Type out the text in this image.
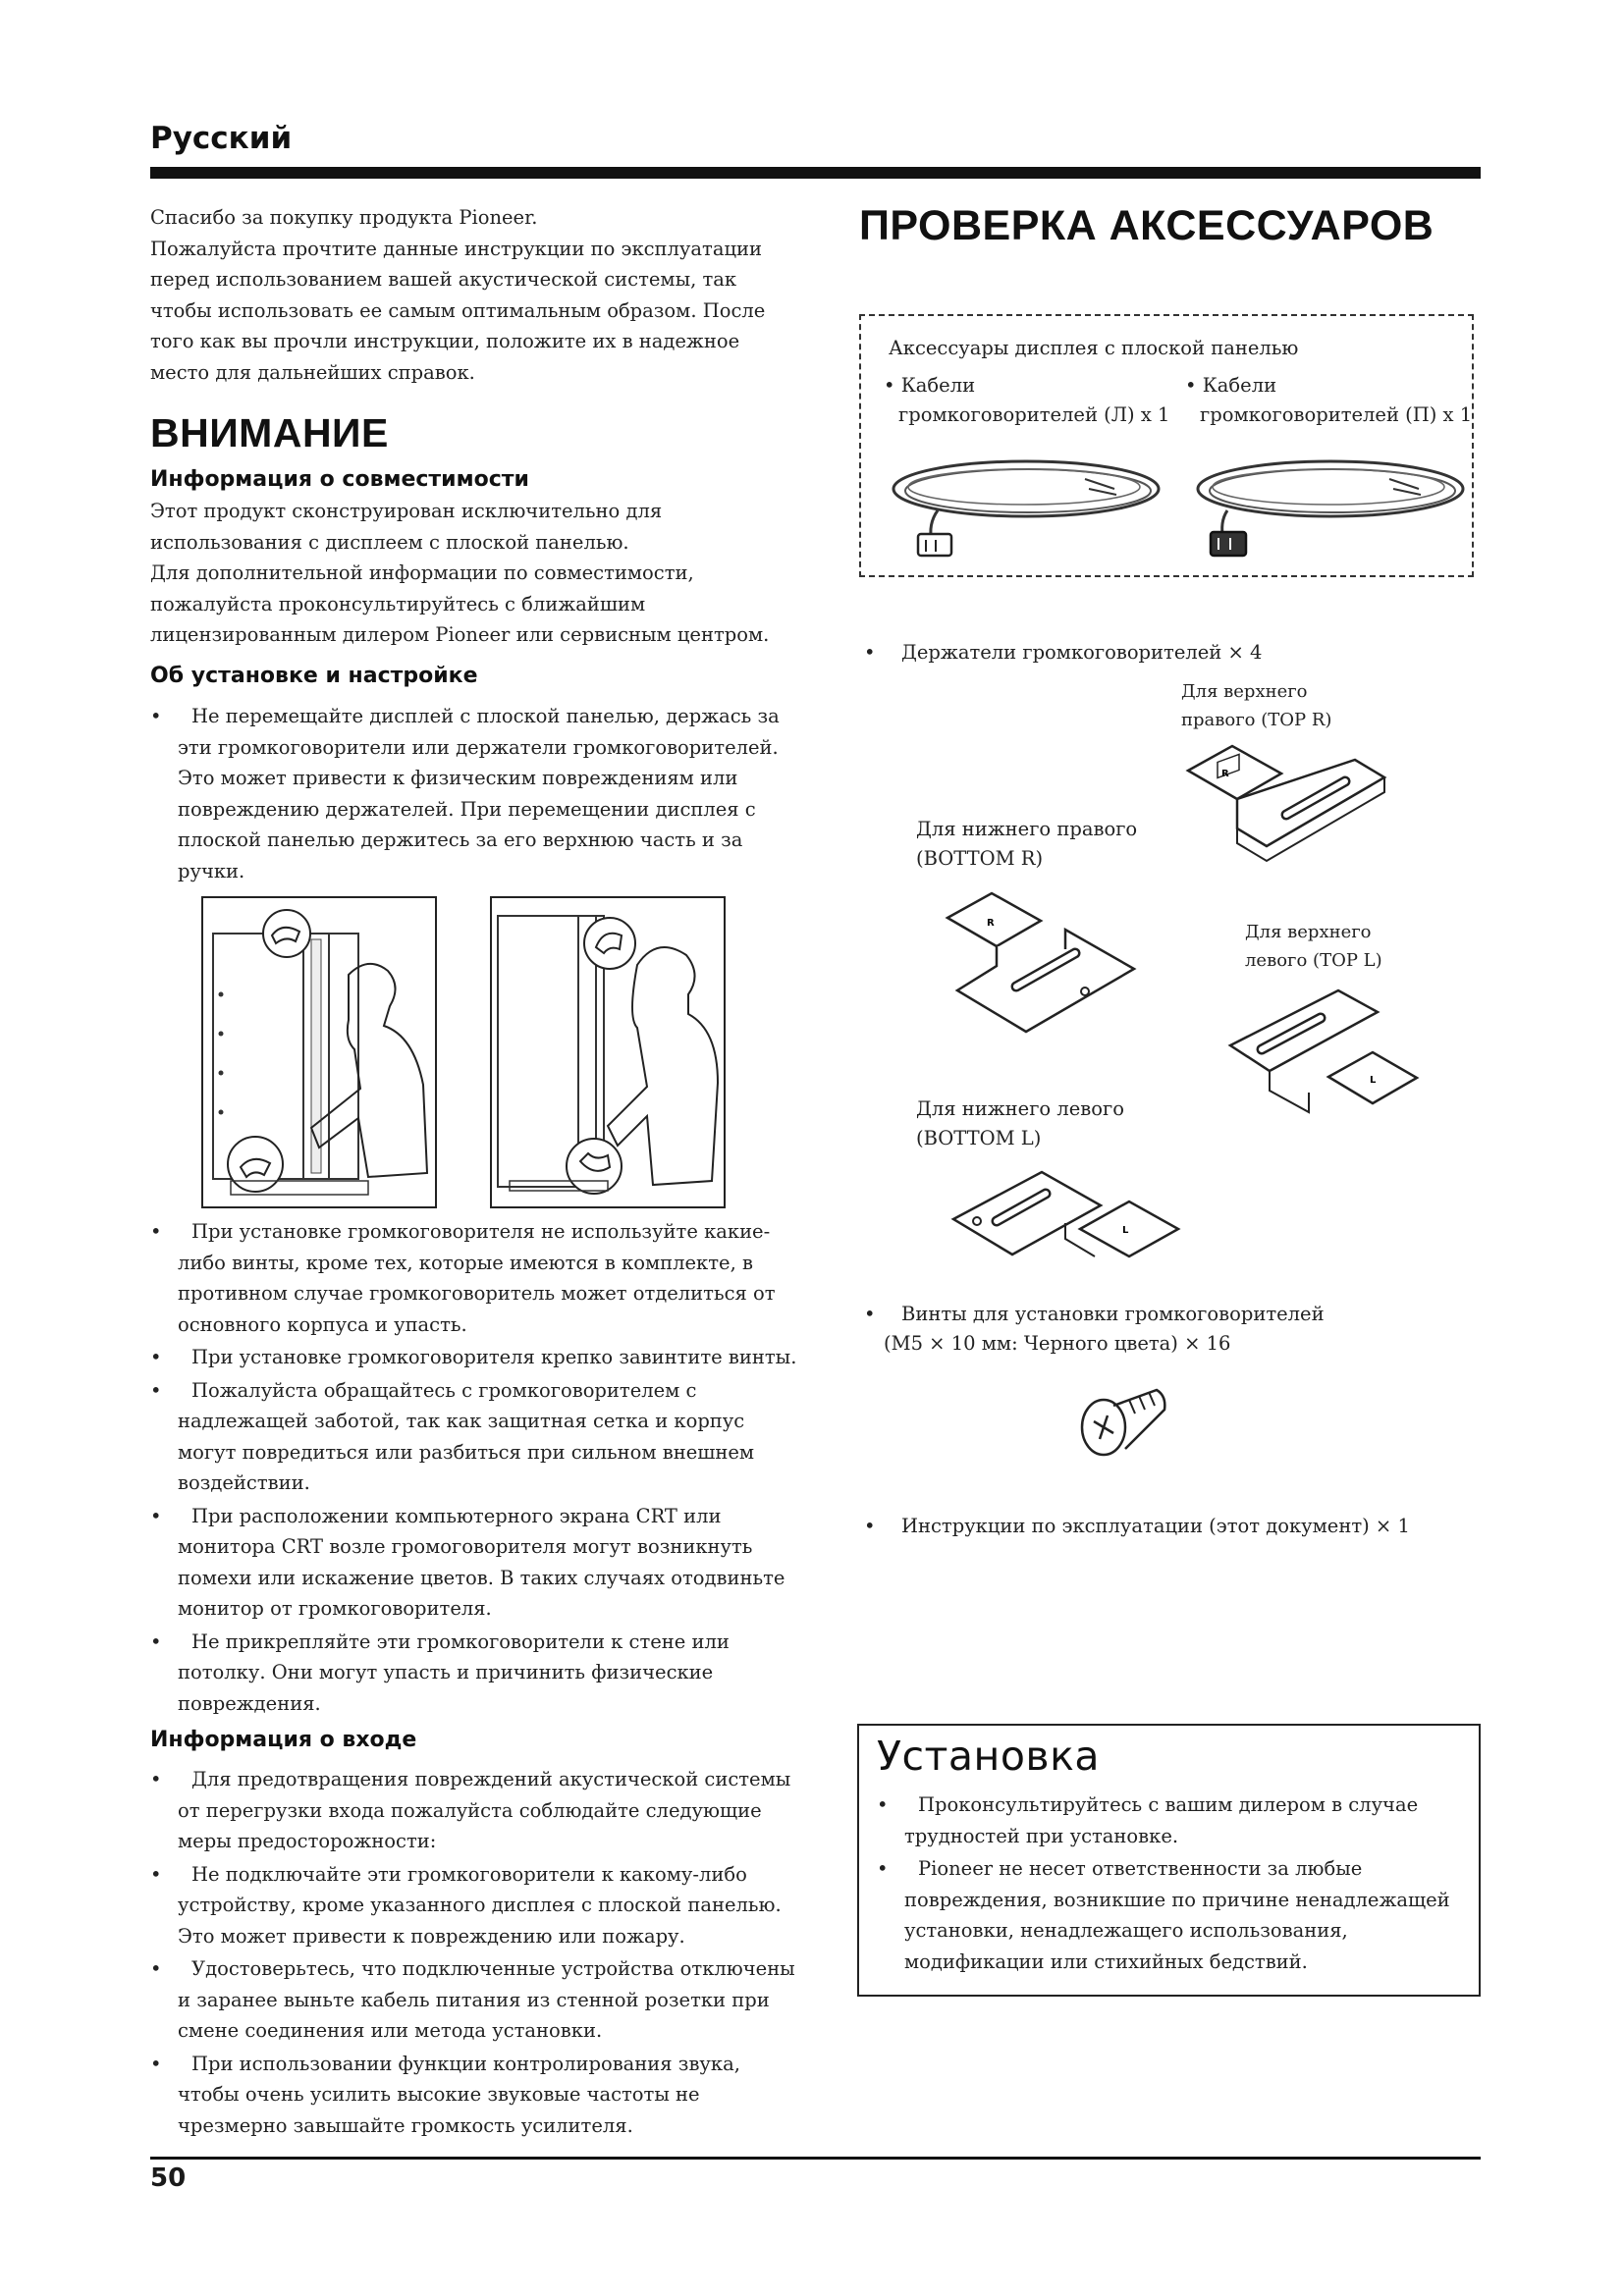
Русский
Спасибо за покупку продукта Pioneer.
Пожалуйста прочтите данные инструкции по эксплуатации
перед использованием вашей акустической системы, так
чтобы использовать ее самым оптимальным образом. После
того как вы прочли инструкции, положите их в надежное
место для дальнейших справок.
ВНИМАНИЕ
Информация о совместимости
Этот продукт сконструирован исключительно для
использования с дисплеем с плоской панелью.
Для дополнительной информации по совместимости,
пожалуйста проконсультируйтесь с ближайшим
лицензированным дилером Pioneer или сервисным центром.
Об установке и настройке
• Не перемещайте дисплей с плоской панелью, держась за
эти громкоговорители или держатели громкоговорителей.
Это может привести к физическим повреждениям или
повреждению держателей. При перемещении дисплея с
плоской панелью держитесь за его верхнюю часть и за
ручки.
• При установке громкоговорителя не используйте какие-
либо винты, кроме тех, которые имеются в комплекте, в
противном случае громкоговоритель может отделиться от
основного корпуса и упасть.
• При установке громкоговорителя крепко завинтите винты.
• Пожалуйста обращайтесь с громкоговорителем с
надлежащей заботой, так как защитная сетка и корпус
могут повредиться или разбиться при сильном внешнем
воздействии.
• При расположении компьютерного экрана CRT или
монитора CRT возле громоговорителя могут возникнуть
помехи или искажение цветов. В таких случаях отодвиньте
монитор от громкоговорителя.
• Не прикрепляйте эти громкоговорители к стене или
потолку. Они могут упасть и причинить физические
повреждения.
Информация о входе
• Для предотвращения повреждений акустической системы
от перегрузки входа пожалуйста соблюдайте следующие
меры предосторожности:
• Не подключайте эти громкоговорители к какому-либо
устройству, кроме указанного дисплея с плоской панелью.
Это может привести к повреждению или пожару.
• Удостоверьтесь, что подключенные устройства отключены
и заранее выньте кабель питания из стенной розетки при
смене соединения или метода установки.
• При использовании функции контролирования звука,
чтобы очень усилить высокие звуковые частоты не
чрезмерно завышайте громкость усилителя.
ПРОВЕРКА АКСЕССУАРОВ
Аксессуары дисплея с плоской панелью
• Кабели
громкоговорителей (Л) x 1
• Кабели
громкоговорителей (П) x 1
• Держатели громкоговорителей × 4
Для верхнего
правого (TOP R)
R
Для нижнего правого
(BOTTOM R)
R	Для верхнего
левого (TOP L)
L
Для нижнего левого
(BOTTOM L)
L
• Винты для установки громкоговорителей
(M5 × 10 мм: Черного цвета) × 16
• Инструкции по эксплуатации (этот документ) × 1
Установка
• Проконсультируйтесь с вашим дилером в случае
трудностей при установке.
• Pioneer не несет ответственности за любые
повреждения, возникшие по причине ненадлежащей
установки, ненадлежащего использования,
модификации или стихийных бедствий.
50
